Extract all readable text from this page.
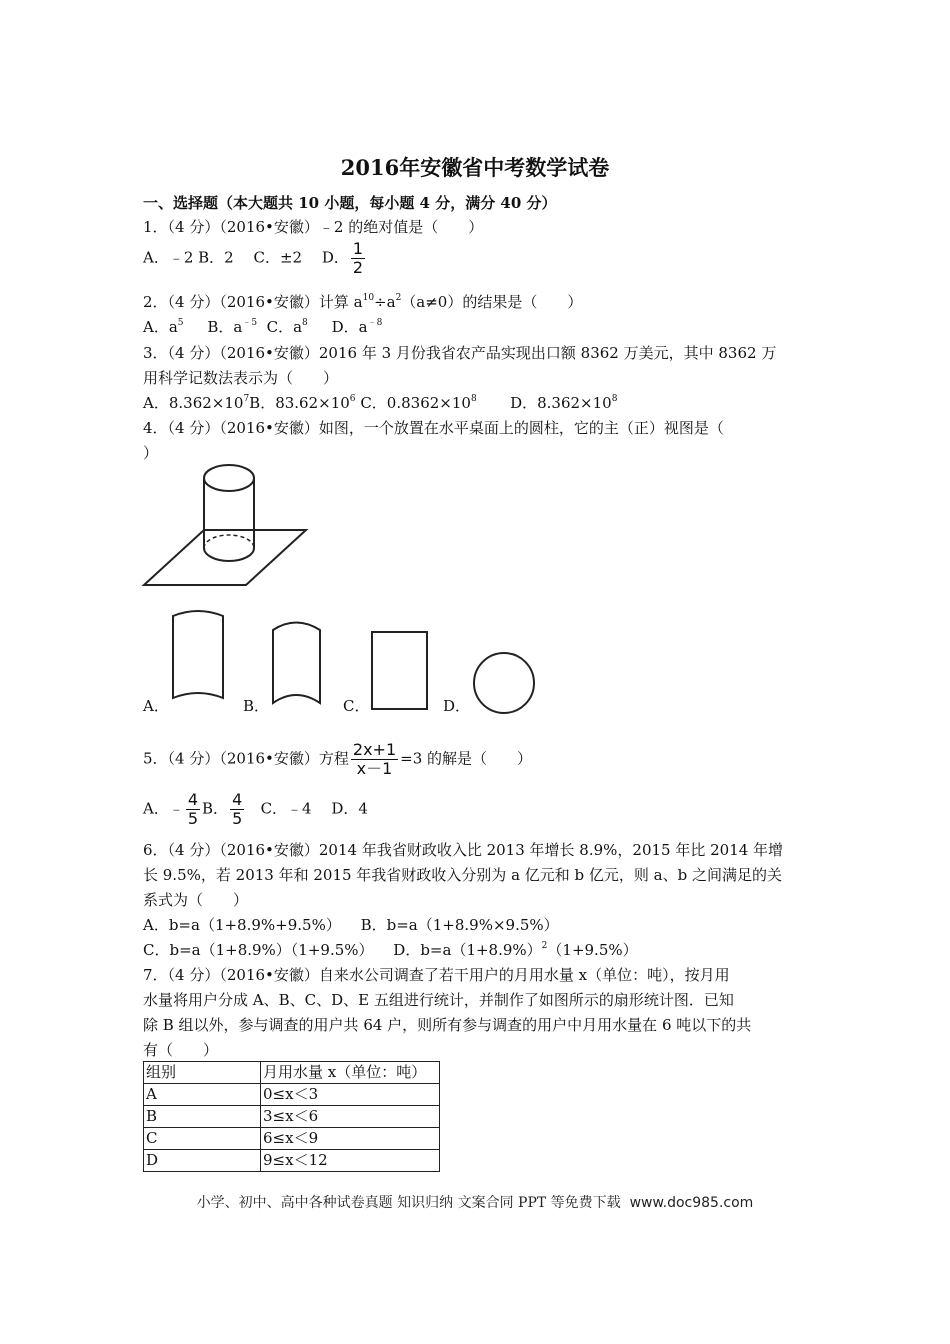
2016年安徽省中考数学试卷
一、选择题（本大题共 10 小题，每小题 4 分，满分 40 分）
1．（4 分）（2016•安徽）﹣2 的绝对值是（　　）
A．﹣2 B．2 　C．±2 　D． $\frac{1}{2}$
2．（4 分）（2016•安徽）计算 $a^{10}\div a^2(a\ne 0)$的结果是（　　）
A．$a^5$ B．$a^{﹣5}$ C．$a^8$ D．$a^{﹣8}$
3．（4 分）（2016•安徽）2016 年 3 月份我省农产品实现出口额 8362 万美元，其中 8362 万
用科学记数法表示为（　　）
A．$8.362\times 10^7B$．$83.62\times 10^6$ C．$0.8362\times 10^8$ D．$8.362\times 10^8$
4．（4 分）（2016•安徽）如图，一个放置在水平桌面上的圆柱，它的主（正）视图是（
）
A．	B．	C．	D．
5．（4 分）（2016•安徽）方程 $\frac{2x+1}{x-1} =3$ 的解是（　　）
A．﹣ $\frac{4}{5}$ B． $\frac{4}{5}$ C．﹣4 　D．4
6．（4 分）（2016•安徽）2014 年我省财政收入比 2013 年增长 8.9%，2015 年比 2014 年增
长 9.5%，若 2013 年和 2015 年我省财政收入分别为 a 亿元和 b 亿元，则 a、b 之间满足的关
系式为（　　）
A．b=a（1+8.9%+9.5%） 　B．b=a（1+8.9%×9.5%）
C．b=a（1+8.9%）（1+9.5%） 　D．$b=a(1+8.9\%)^2(1+9.5\%)$
7．（4 分）（2016•安徽）自来水公司调查了若干用户的月用水量 x（单位：吨），按月用
水量将用户分成 A、B、C、D、E 五组进行统计，并制作了如图所示的扇形统计图．已知
除 B 组以外，参与调查的用户共 64 户，则所有参与调查的用户中月用水量在 6 吨以下的共
有（　　）
组别	月用水量 x（单位：吨）
A	0≤x＜3
B	3≤x＜6
C	6≤x＜9
D	9≤x＜12
小学、初中、高中各种试卷真题 知识归纳 文案合同 PPT 等免费下载 www.doc985.com
